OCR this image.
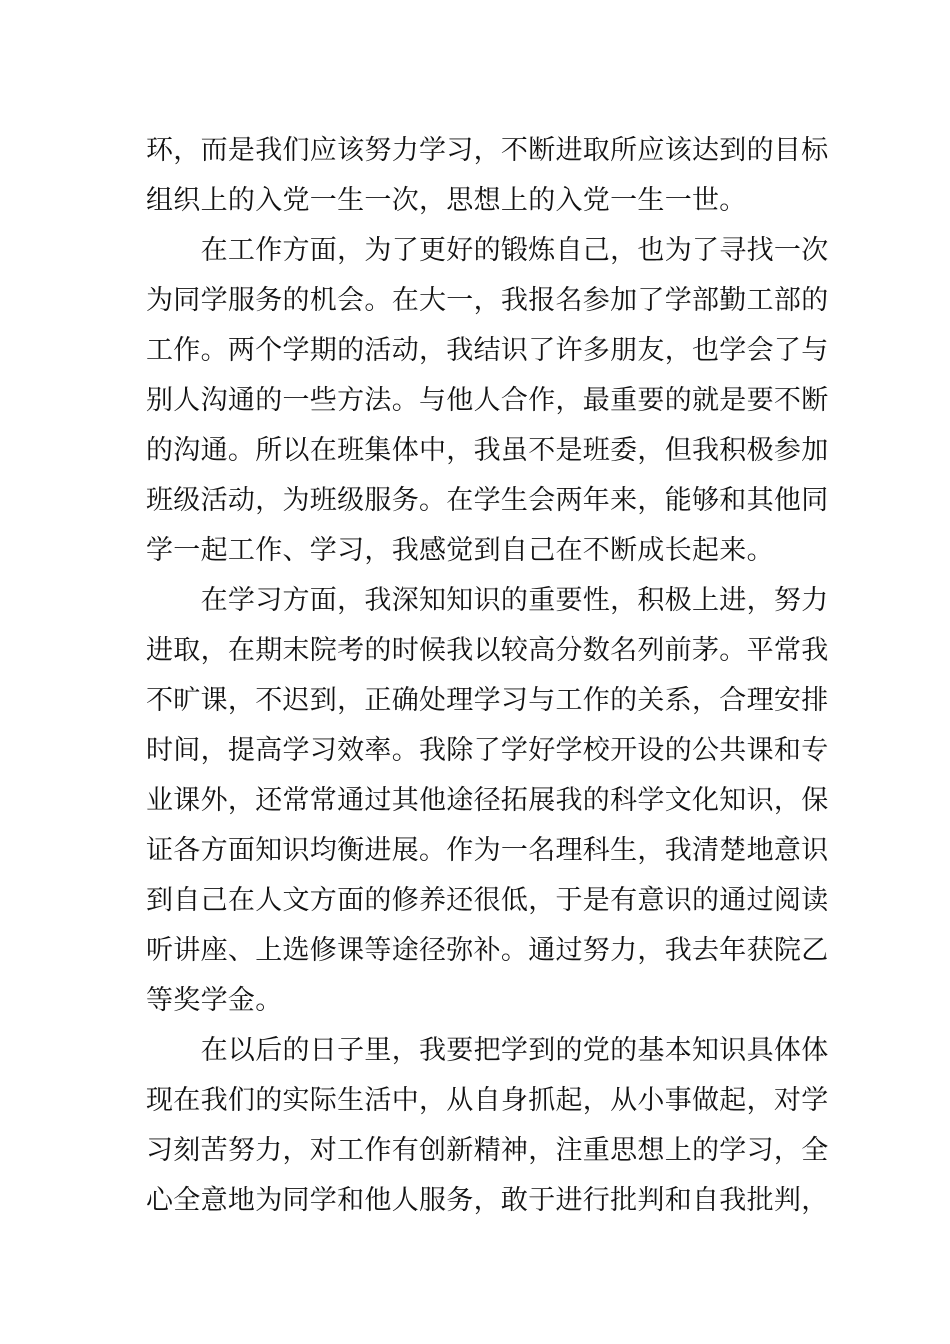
环，而是我们应该努力学习，不断进取所应该达到的目标
组织上的入党一生一次，思想上的入党一生一世。
　　在工作方面，为了更好的锻炼自己，也为了寻找一次
为同学服务的机会。在大一，我报名参加了学部勤工部的
工作。两个学期的活动，我结识了许多朋友，也学会了与
别人沟通的一些方法。与他人合作，最重要的就是要不断
的沟通。所以在班集体中，我虽不是班委，但我积极参加
班级活动，为班级服务。在学生会两年来，能够和其他同
学一起工作、学习，我感觉到自己在不断成长起来。
　　在学习方面，我深知知识的重要性，积极上进，努力
进取，在期末院考的时候我以较高分数名列前茅。平常我
不旷课，不迟到，正确处理学习与工作的关系，合理安排
时间，提高学习效率。我除了学好学校开设的公共课和专
业课外，还常常通过其他途径拓展我的科学文化知识，保
证各方面知识均衡进展。作为一名理科生，我清楚地意识
到自己在人文方面的修养还很低，于是有意识的通过阅读
听讲座、上选修课等途径弥补。通过努力，我去年获院乙
等奖学金。
　　在以后的日子里，我要把学到的党的基本知识具体体
现在我们的实际生活中，从自身抓起，从小事做起，对学
习刻苦努力，对工作有创新精神，注重思想上的学习，全
心全意地为同学和他人服务，敢于进行批判和自我批判，
